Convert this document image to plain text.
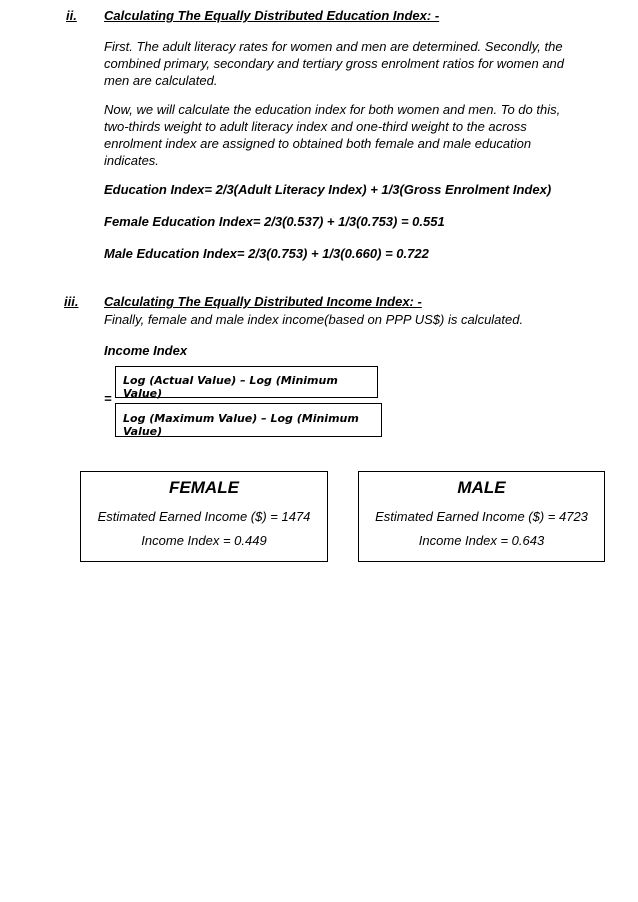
ii. Calculating The Equally Distributed Education Index: -
First. The adult literacy rates for women and men are determined. Secondly, the combined primary, secondary and tertiary gross enrolment ratios for women and men are calculated.
Now, we will calculate the education index for both women and men. To do this, two-thirds weight to adult literacy index and one-third weight to the across enrolment index are assigned to obtained both female and male education indicates.
Education Index= 2/3(Adult Literacy Index) + 1/3(Gross Enrolment Index)
Female Education Index= 2/3(0.537) + 1/3(0.753) = 0.551
Male Education Index= 2/3(0.753) + 1/3(0.660) = 0.722
iii. Calculating The Equally Distributed Income Index: -
Finally, female and male index income(based on PPP US$) is calculated.
Income Index
=
Log (Actual Value) – Log (Minimum Value)
Log (Maximum Value) – Log (Minimum Value)
FEMALE
Estimated Earned Income ($) = 1474
Income Index = 0.449
MALE
Estimated Earned Income ($) = 4723
Income Index = 0.643
